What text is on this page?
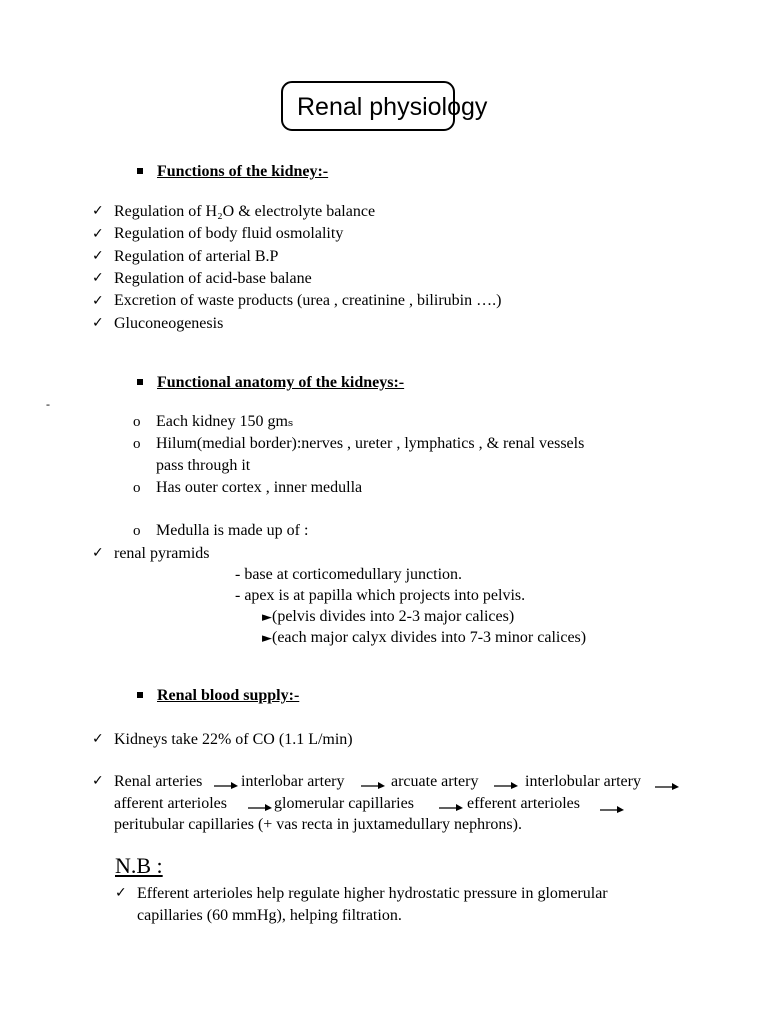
Renal physiology
Functions of the kidney:-
✓ Regulation of H₂O & electrolyte balance
✓ Regulation of body fluid osmolality
✓ Regulation of arterial B.P
✓ Regulation of acid-base balane
✓ Excretion of waste products (urea , creatinine , bilirubin ….)
✓ Gluconeogenesis
Functional anatomy of the kidneys:-
-
o Each kidney 150 gmₛ
o Hilum(medial border):nerves , ureter , lymphatics , & renal vessels
pass through it
o Has outer cortex , inner medulla
o Medulla is made up of :
✓ renal pyramids
- base at corticomedullary junction.
- apex is at papilla which projects into pelvis.
►(pelvis divides into 2-3 major calices)
►(each major calyx divides into 7-3 minor calices)
Renal blood supply:-
✓ Kidneys take 22% of CO (1.1 L/min)
✓ Renal arteries interlobar artery	arcuate artery	interlobular artery
afferent arterioles	glomerular capillaries	efferent arterioles
peritubular capillaries (+ vas recta in juxtamedullary nephrons).
N.B :
✓ Efferent arterioles help regulate higher hydrostatic pressure in glomerular
capillaries (60 mmHg), helping filtration.
